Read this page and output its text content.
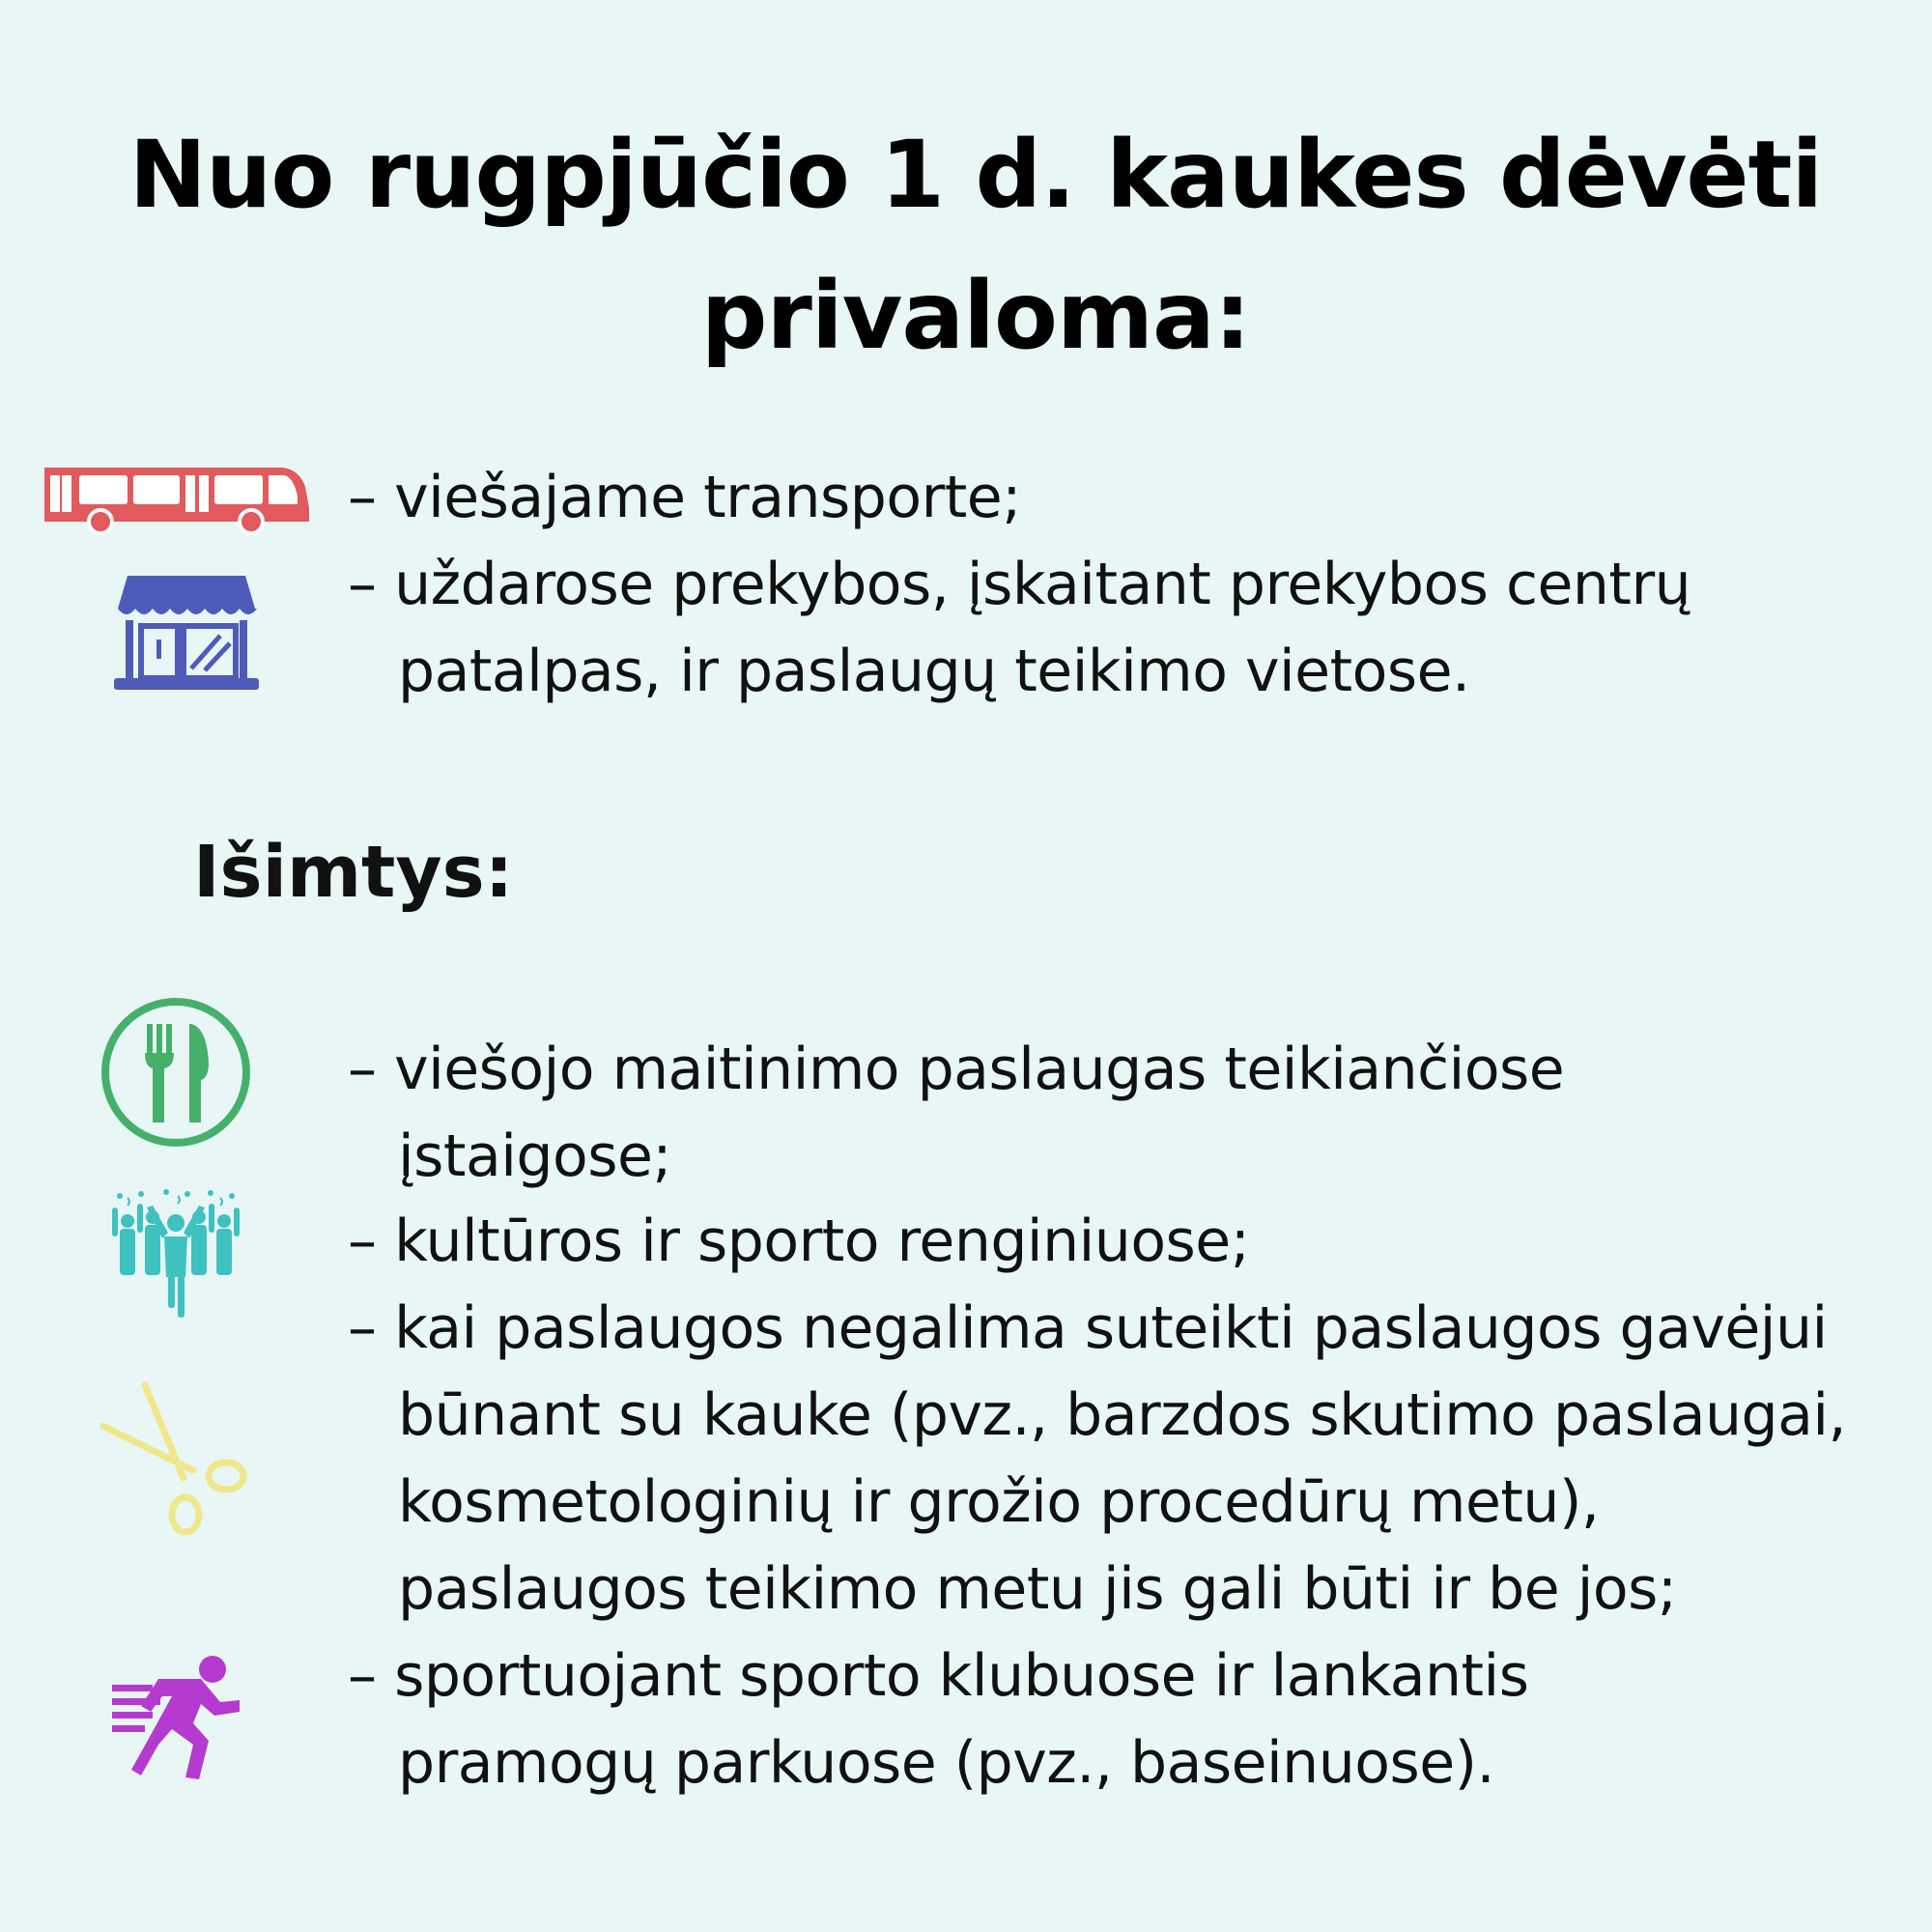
Nuo rugpjūčio 1 d. kaukes dėvėti
privaloma:
– viešajame transporte;
– uždarose prekybos, įskaitant prekybos centrų
patalpas, ir paslaugų teikimo vietose.
Išimtys:
– viešojo maitinimo paslaugas teikiančiose
įstaigose;
– kultūros ir sporto renginiuose;
– kai paslaugos negalima suteikti paslaugos gavėjui
būnant su kauke (pvz., barzdos skutimo paslaugai,
kosmetologinių ir grožio procedūrų metu),
paslaugos teikimo metu jis gali būti ir be jos;
– sportuojant sporto klubuose ir lankantis
pramogų parkuose (pvz., baseinuose).
